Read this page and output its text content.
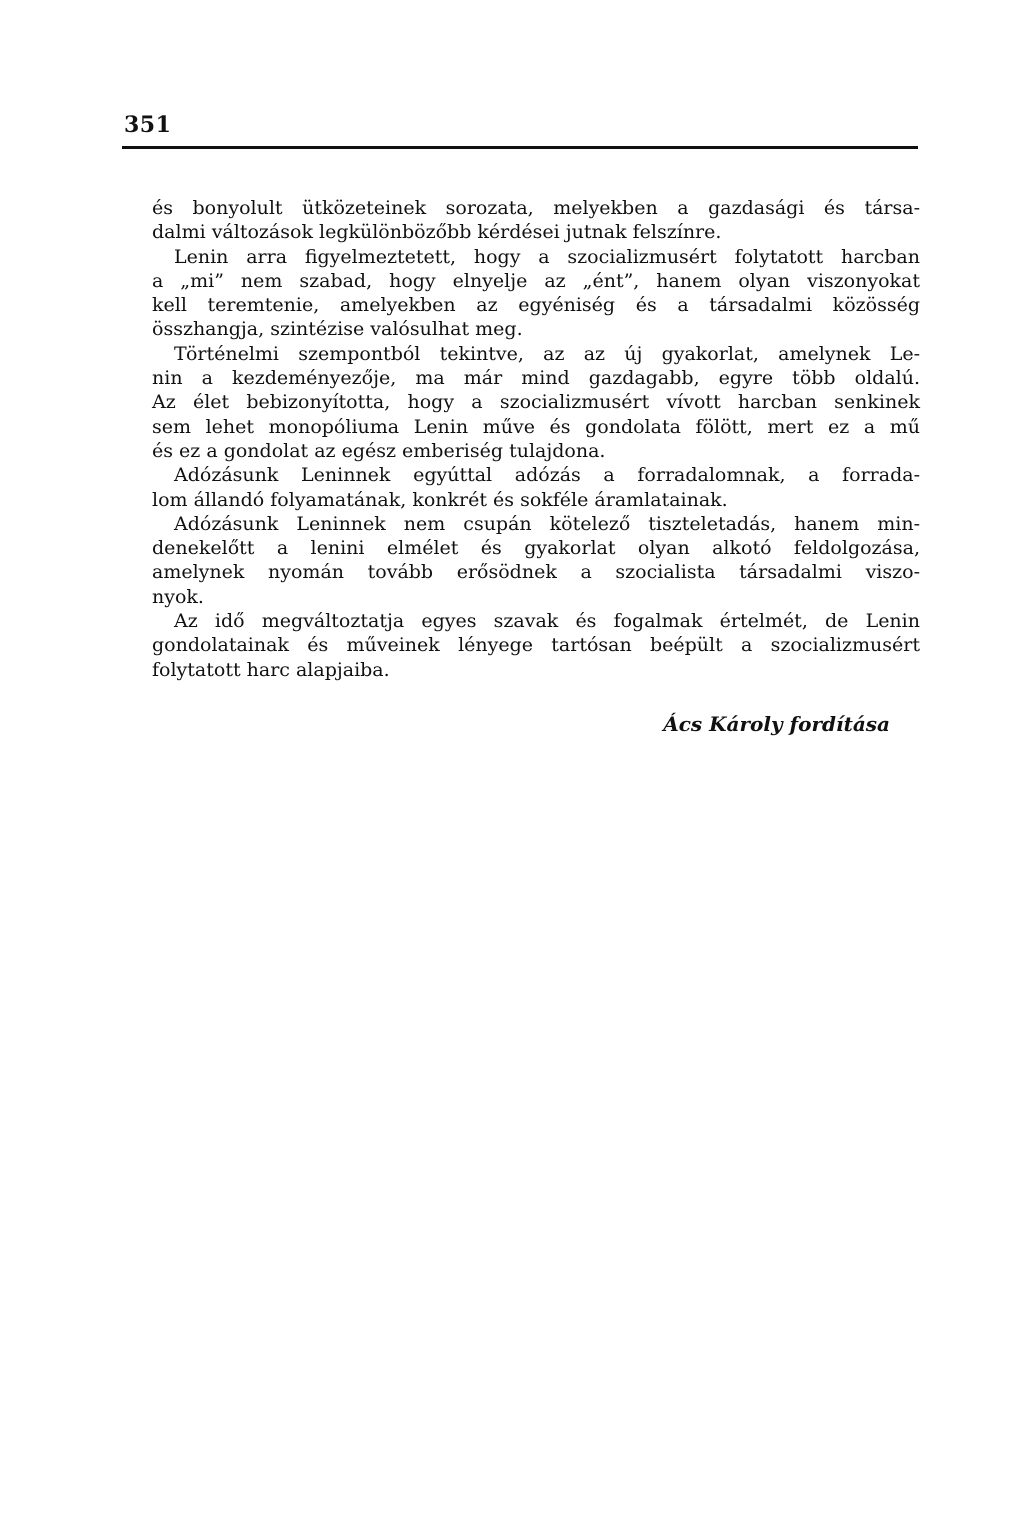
351
és bonyolult ütközeteinek sorozata, melyekben a gazdasági és társa-
dalmi változások legkülönbözőbb kérdései jutnak felszínre.
Lenin arra figyelmeztetett, hogy a szocializmusért folytatott harcban
a „mi” nem szabad, hogy elnyelje az „ént”, hanem olyan viszonyokat
kell teremtenie, amelyekben az egyéniség és a társadalmi közösség
összhangja, szintézise valósulhat meg.
Történelmi szempontból tekintve, az az új gyakorlat, amelynek Le-
nin a kezdeményezője, ma már mind gazdagabb, egyre több oldalú.
Az élet bebizonyította, hogy a szocializmusért vívott harcban senkinek
sem lehet monopóliuma Lenin műve és gondolata fölött, mert ez a mű
és ez a gondolat az egész emberiség tulajdona.
Adózásunk Leninnek egyúttal adózás a forradalomnak, a forrada-
lom állandó folyamatának, konkrét és sokféle áramlatainak.
Adózásunk Leninnek nem csupán kötelező tiszteletadás, hanem min-
denekelőtt a lenini elmélet és gyakorlat olyan alkotó feldolgozása,
amelynek nyomán tovább erősödnek a szocialista társadalmi viszo-
nyok.
Az idő megváltoztatja egyes szavak és fogalmak értelmét, de Lenin
gondolatainak és műveinek lényege tartósan beépült a szocializmusért
folytatott harc alapjaiba.
Ács Károly fordítása
